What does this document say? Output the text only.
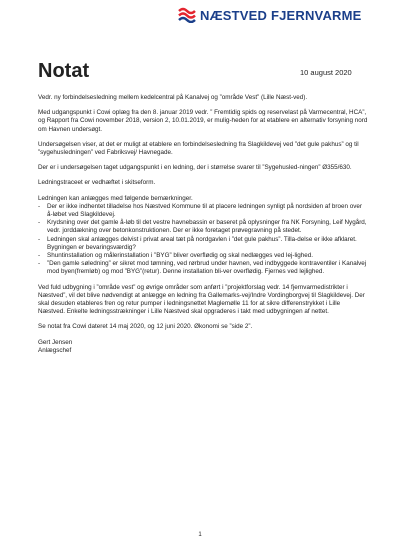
NÆSTVED FJERNVARME
Notat	10 august 2020

Vedr. ny forbindelsesledning mellem kedelcentral på Kanalvej og ”område Vest” (Lille Næst-ved).

Med udgangspunkt i Cowi oplæg fra den 8. januar 2019 vedr. ” Fremtidig spids og reservelast på Varmecentral, HCA”, og Rapport fra Cowi november 2018, version 2, 10.01.2019, er mulig-heden for at etablere en alternativ forsyning nord om Havnen undersøgt.

Undersøgelsen viser, at det er muligt at etablere en forbindelsesledning fra Slagkildevej ved ”det gule pakhus” og til ”sygehusledningen” ved Fabriksvej/ Havnegade.

Der er i undersøgelsen taget udgangspunkt i en ledning, der i størrelse svarer til ”Sygehusled-ningen” Ø355/630.

Ledningstraceet er vedhæftet i skitseform.

Ledningen kan anlægges med følgende bemærkninger.

- Der er ikke indhentet tilladelse hos Næstved Kommune til at placere ledningen synligt på nordsiden af broen over å-løbet ved Slagkildevej.
- Krydsning over det gamle å-løb til det vestre havnebassin er baseret på oplysninger fra NK Forsyning, Leif Nygård, vedr. jorddækning over betonkonstruktionen. Der er ikke foretaget prøvegravning på stedet.
- Ledningen skal anlægges delvist i privat areal tæt på nordgavlen i ”det gule pakhus”. Tilla-delse er ikke afklaret. Bygningen er bevaringsværdig?
- Shuntinstallation og målerinstallation i ”BYG” bliver overflødig og skal nedlægges ved lej-lighed.
- ”Den gamle søledning” er sikret mod tømning, ved rørbrud under havnen, ved indbyggede kontraventiler i Kanalvej mod byen(fremløb) og mod ”BYG”(retur). Denne installation bli-ver overflødig. Fjernes ved lejlighed.

Ved fuld udbygning i ”område vest” og øvrige områder som anført i ”projektforslag vedr. 14 fjernvarmedistrikter i Næstved”, vil det blive nødvendigt at anlægge en ledning fra Gallemarks-vej/Indre Vordingborgvej til Slagkildevej. Der skal desuden etableres fren og retur pumper i ledningsnettet Maglemølle 11 for at sikre differenstrykket i Lille Næstved. Enkelte ledningsstrækninger i Lille Næstved skal opgraderes i takt med udbygningen af nettet.

Se notat fra Cowi dateret 14 maj 2020, og 12 juni 2020. Økonomi se ”side 2”.

Gert Jensen
Anlægschef
1
